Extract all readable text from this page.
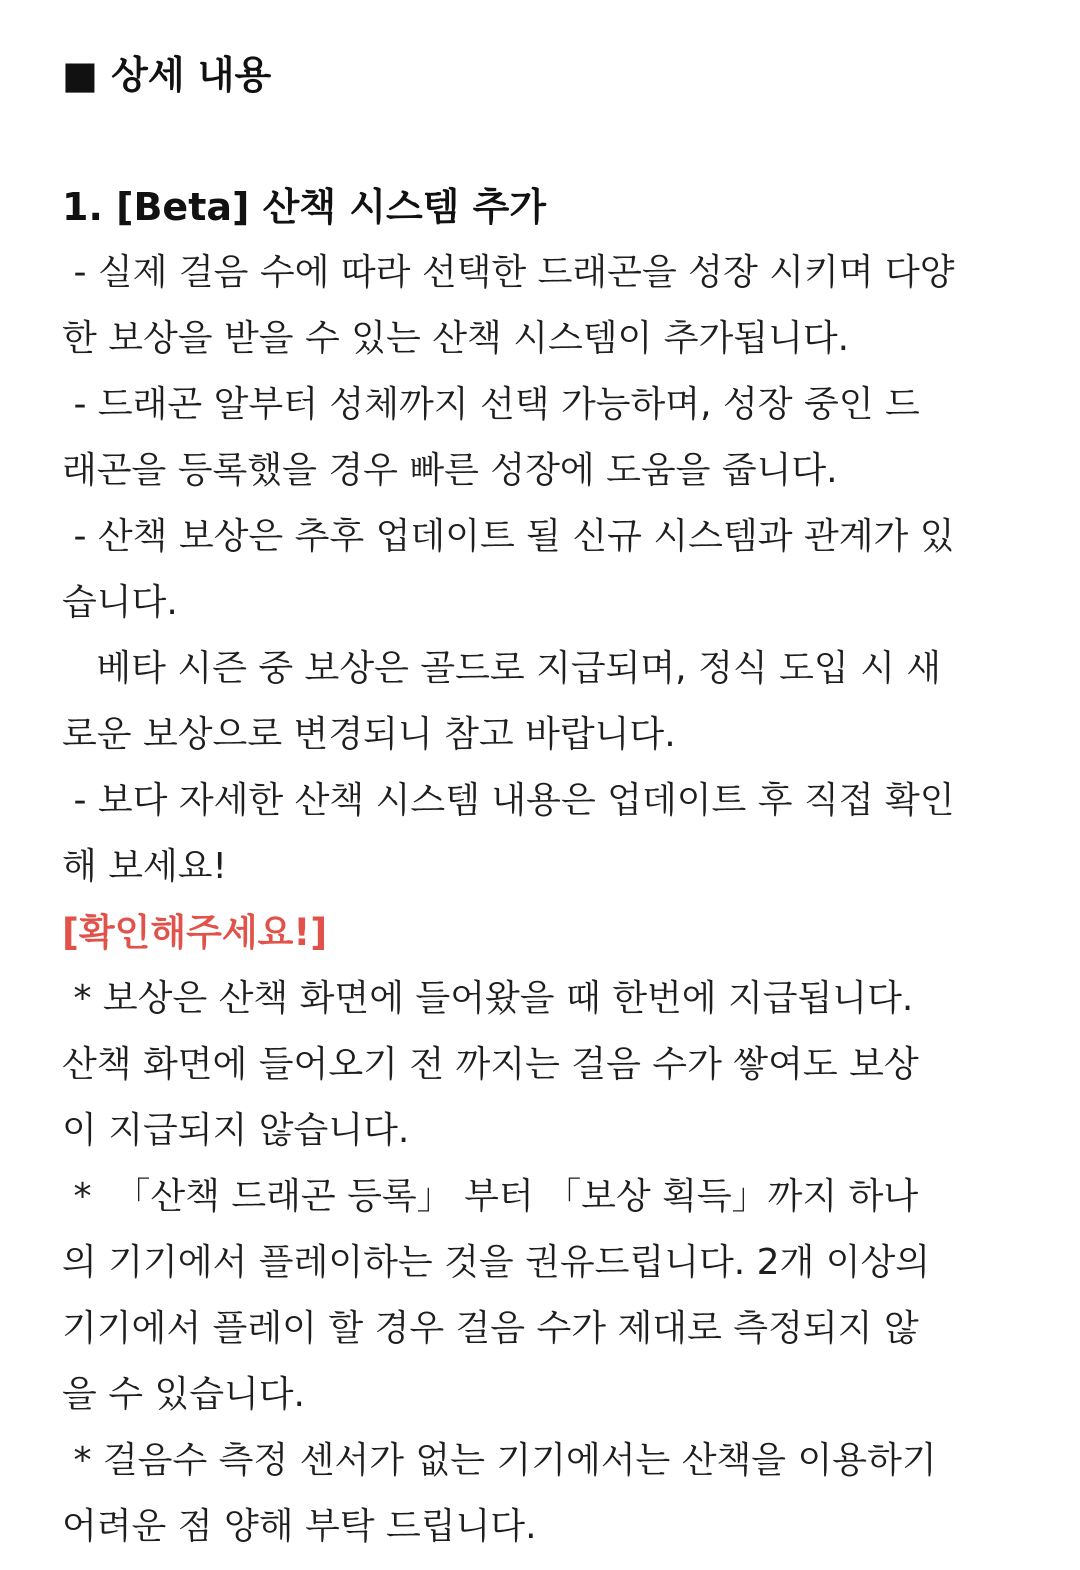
■ 상세 내용
1. [Beta] 산책 시스템 추가
- 실제 걸음 수에 따라 선택한 드래곤을 성장 시키며 다양
한 보상을 받을 수 있는 산책 시스템이 추가됩니다.
- 드래곤 알부터 성체까지 선택 가능하며, 성장 중인 드
래곤을 등록했을 경우 빠른 성장에 도움을 줍니다.
- 산책 보상은 추후 업데이트 될 신규 시스템과 관계가 있
습니다.
베타 시즌 중 보상은 골드로 지급되며, 정식 도입 시 새
로운 보상으로 변경되니 참고 바랍니다.
- 보다 자세한 산책 시스템 내용은 업데이트 후 직접 확인
해 보세요!
[확인해주세요!]
* 보상은 산책 화면에 들어왔을 때 한번에 지급됩니다.
산책 화면에 들어오기 전 까지는 걸음 수가 쌓여도 보상
이 지급되지 않습니다.
*  「산책 드래곤 등록」 부터 「보상 획득」까지 하나
의 기기에서 플레이하는 것을 권유드립니다. 2개 이상의
기기에서 플레이 할 경우 걸음 수가 제대로 측정되지 않
을 수 있습니다.
* 걸음수 측정 센서가 없는 기기에서는 산책을 이용하기
어려운 점 양해 부탁 드립니다.
